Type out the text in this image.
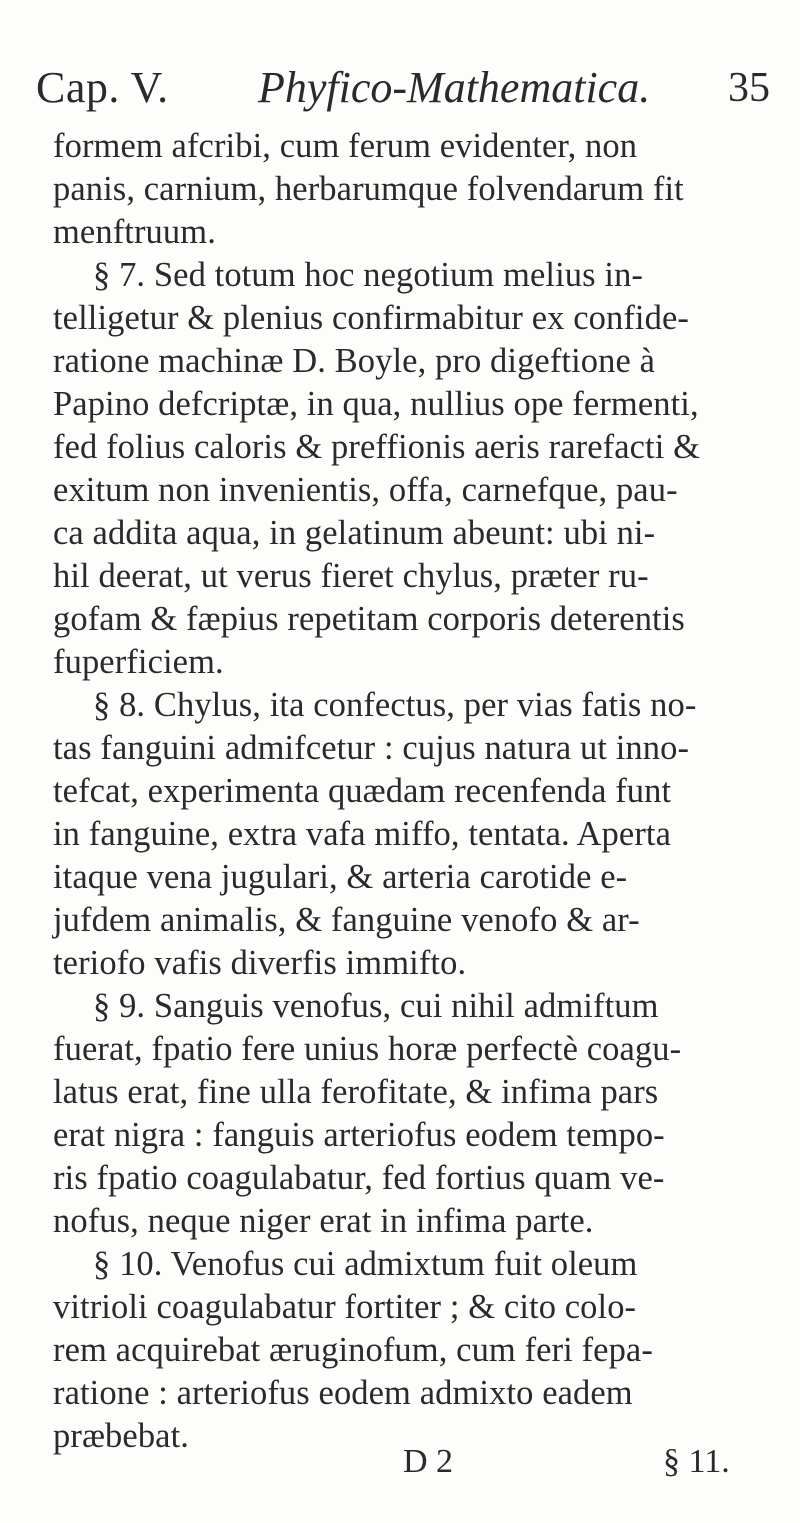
Cap. V. Phyfico-Mathematica. 35
formem afcribi, cum ferum evidenter, non
panis, carnium, herbarumque folvendarum fit
menftruum.
§ 7. Sed totum hoc negotium melius in-
telligetur & plenius confirmabitur ex confide-
ratione machinæ D. Boyle, pro digeftione à
Papino defcriptæ, in qua, nullius ope fermenti,
fed folius caloris & preffionis aeris rarefacti &
exitum non invenientis, offa, carnefque, pau-
ca addita aqua, in gelatinum abeunt: ubi ni-
hil deerat, ut verus fieret chylus, præter ru-
gofam & fæpius repetitam corporis deterentis
fuperficiem.
§ 8. Chylus, ita confectus, per vias fatis no-
tas fanguini admifcetur : cujus natura ut inno-
tefcat, experimenta quædam recenfenda funt
in fanguine, extra vafa miffo, tentata. Aperta
itaque vena jugulari, & arteria carotide e-
jufdem animalis, & fanguine venofo & ar-
teriofo vafis diverfis immifto.
§ 9. Sanguis venofus, cui nihil admiftum
fuerat, fpatio fere unius horæ perfectè coagu-
latus erat, fine ulla ferofitate, & infima pars
erat nigra : fanguis arteriofus eodem tempo-
ris fpatio coagulabatur, fed fortius quam ve-
nofus, neque niger erat in infima parte.
§ 10. Venofus cui admixtum fuit oleum
vitrioli coagulabatur fortiter ; & cito colo-
rem acquirebat æruginofum, cum feri fepa-
ratione : arteriofus eodem admixto eadem
præbebat.
D 2	§ 11.
